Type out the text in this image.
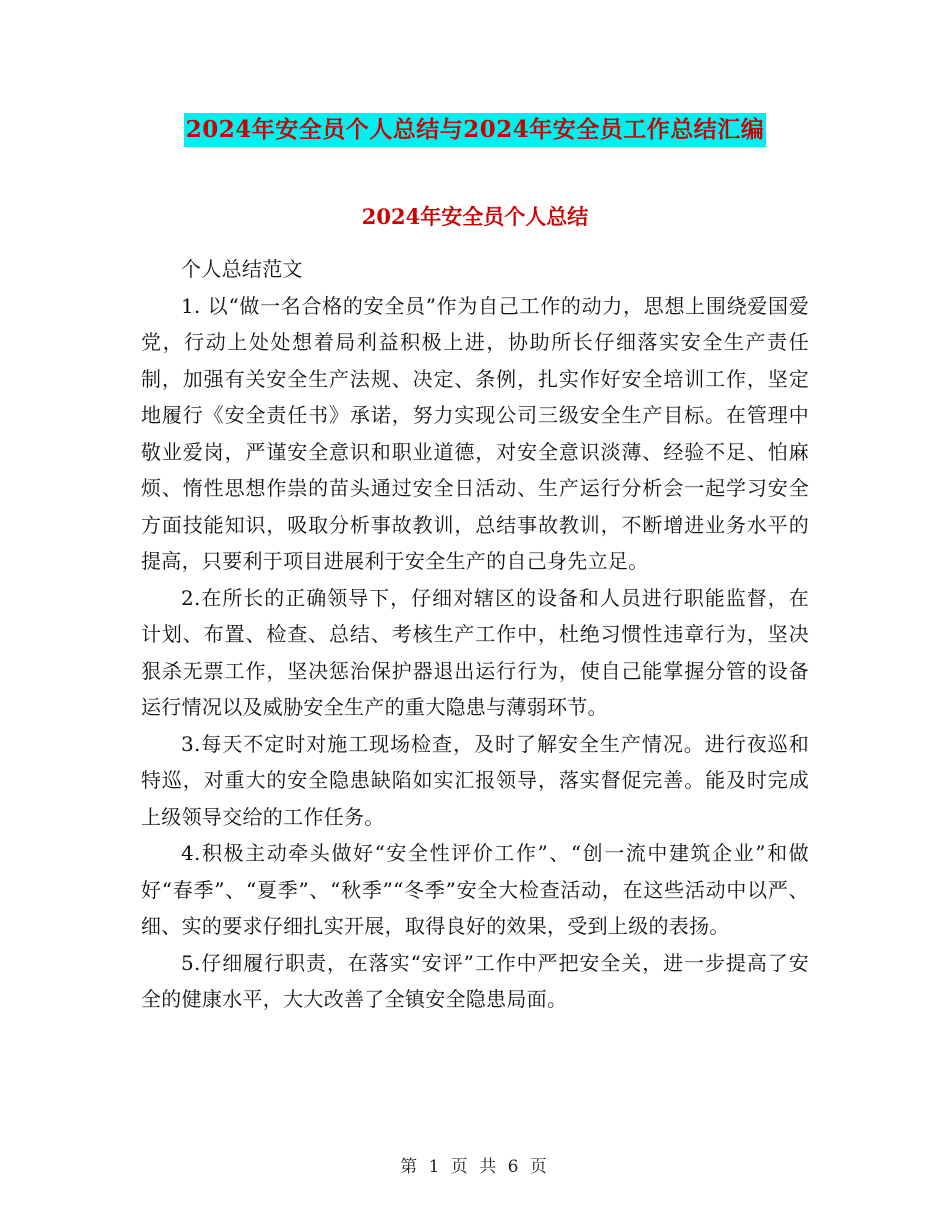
2024年安全员个人总结与2024年安全员工作总结汇编
2024年安全员个人总结

个人总结范文

1. 以“做一名合格的安全员”作为自己工作的动力，思想上围绕爱国爱党，行动上处处想着局利益积极上进，协助所长仔细落实安全生产责任制，加强有关安全生产法规、决定、条例，扎实作好安全培训工作，坚定地履行《安全责任书》承诺，努力实现公司三级安全生产目标。在管理中敬业爱岗，严谨安全意识和职业道德，对安全意识淡薄、经验不足、怕麻烦、惰性思想作祟的苗头通过安全日活动、生产运行分析会一起学习安全方面技能知识，吸取分析事故教训，总结事故教训，不断增进业务水平的提高，只要利于项目进展利于安全生产的自己身先立足。

2.在所长的正确领导下，仔细对辖区的设备和人员进行职能监督，在计划、布置、检查、总结、考核生产工作中，杜绝习惯性违章行为，坚决狠杀无票工作，坚决惩治保护器退出运行行为，使自己能掌握分管的设备运行情况以及威胁安全生产的重大隐患与薄弱环节。

3.每天不定时对施工现场检查，及时了解安全生产情况。进行夜巡和特巡，对重大的安全隐患缺陷如实汇报领导，落实督促完善。能及时完成上级领导交给的工作任务。

4.积极主动牵头做好“安全性评价工作”、“创一流中建筑企业”和做好“春季”、“夏季”、“秋季”“冬季”安全大检查活动，在这些活动中以严、细、实的要求仔细扎实开展，取得良好的效果，受到上级的表扬。

5.仔细履行职责，在落实“安评”工作中严把安全关，进一步提高了安全的健康水平，大大改善了全镇安全隐患局面。

第 1 页 共 6 页
